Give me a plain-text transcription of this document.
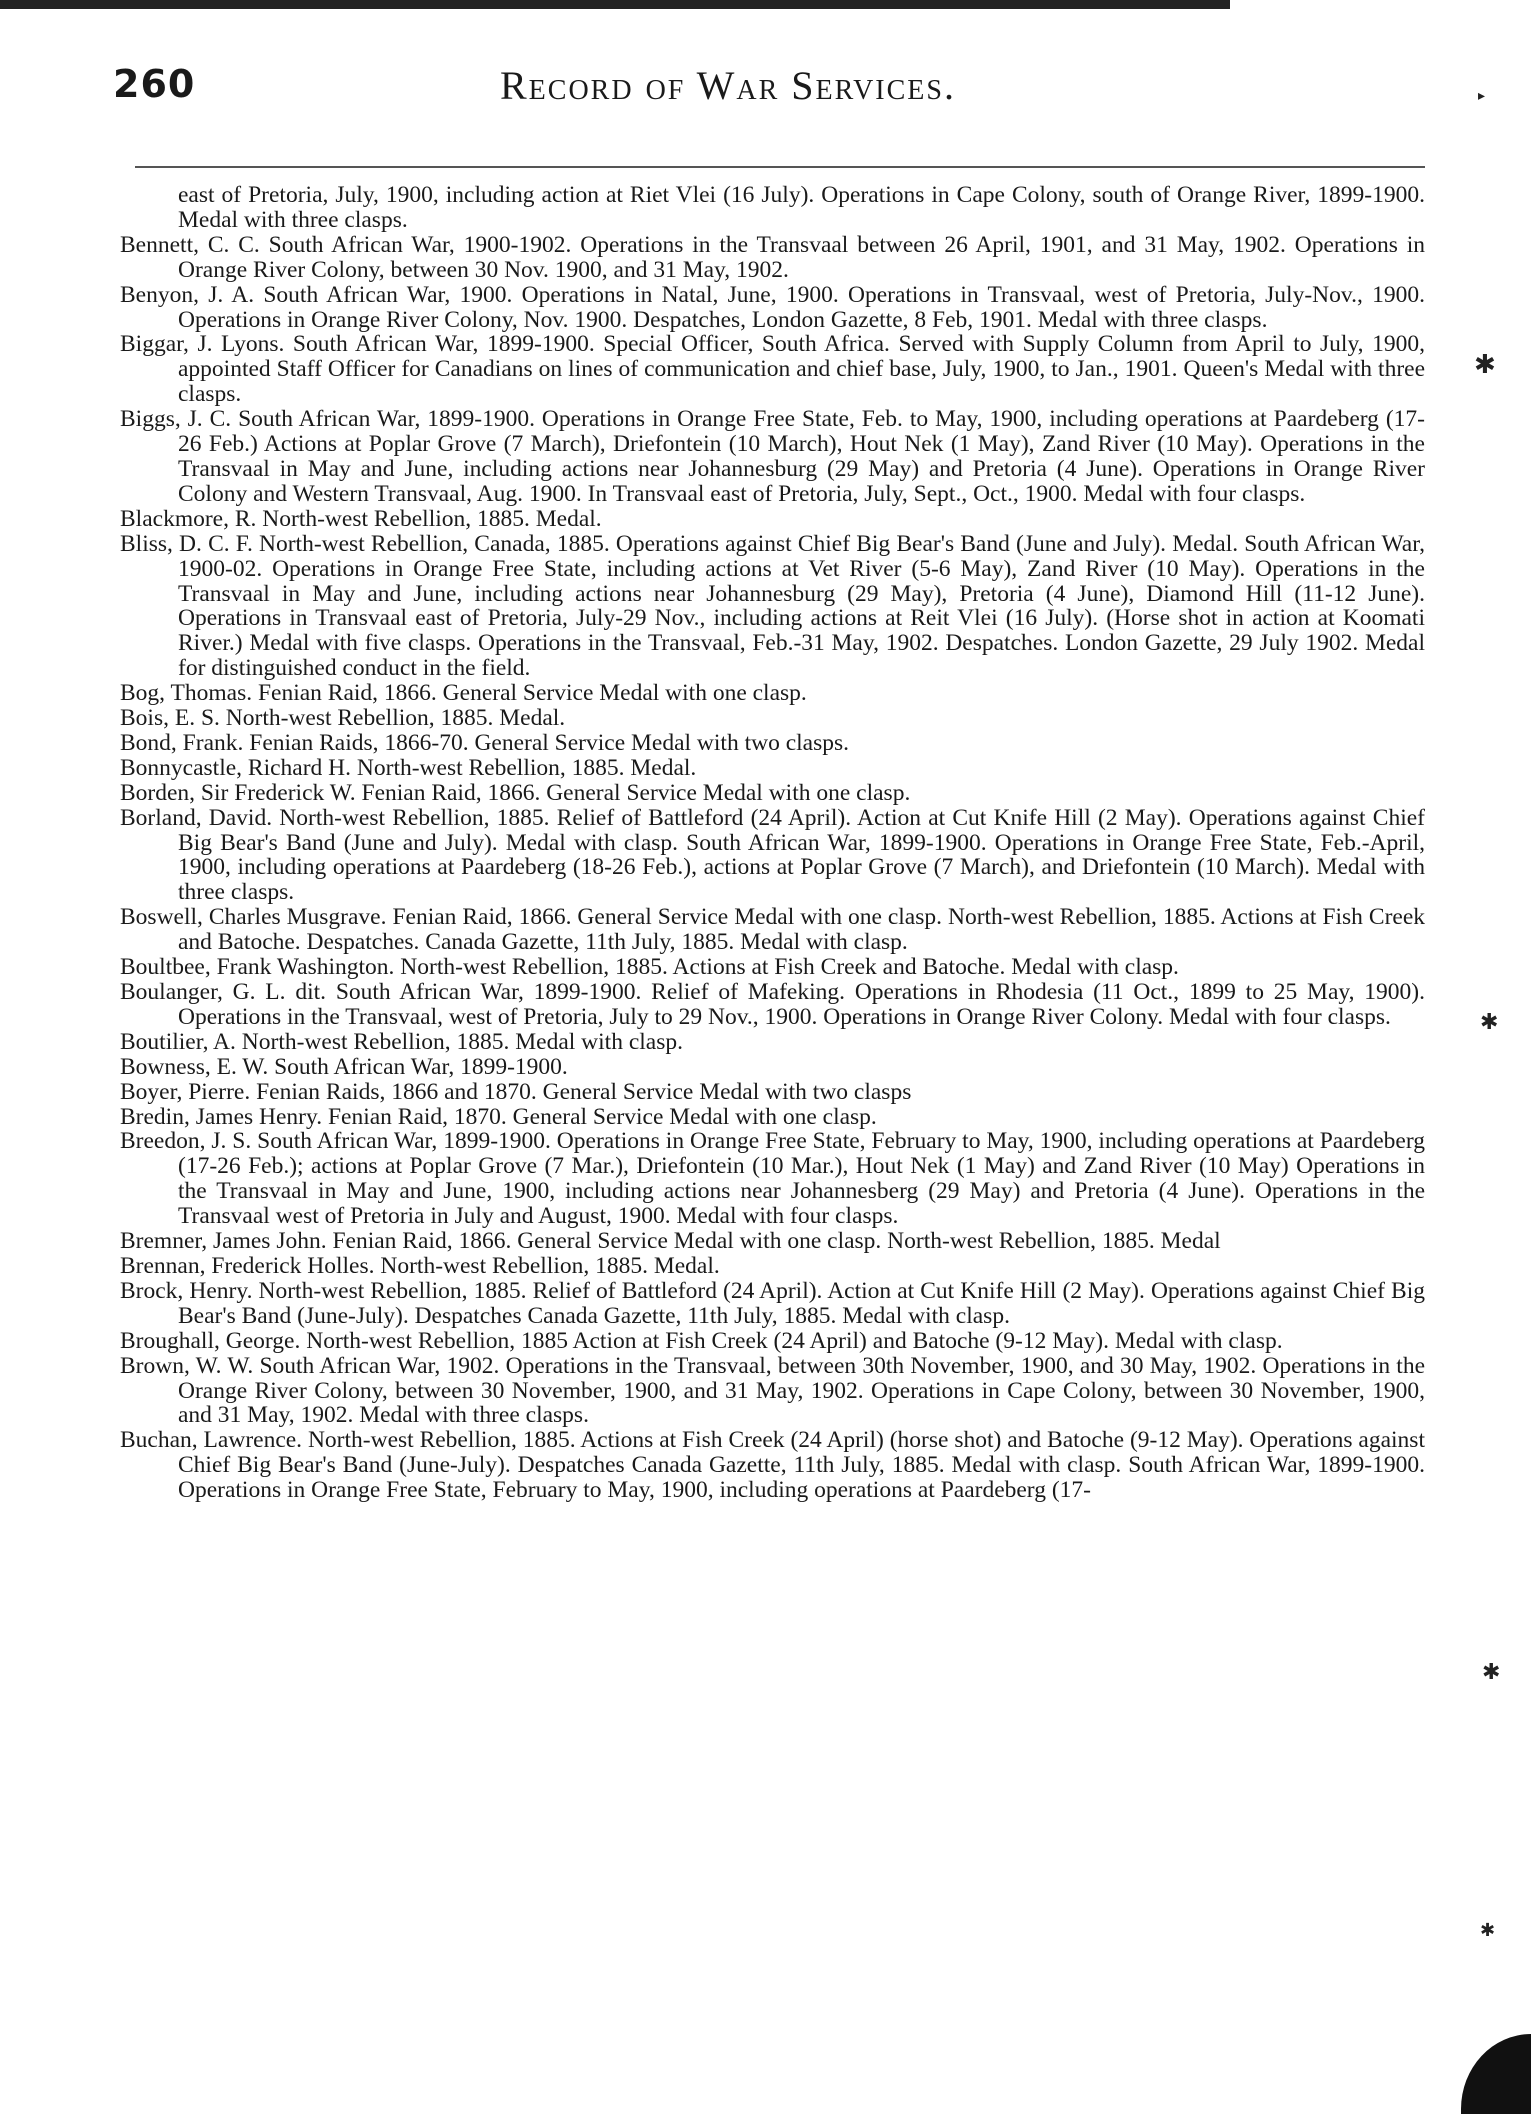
260	Record of War Services.
east of Pretoria, July, 1900, including action at Riet Vlei (16 July). Operations in Cape Colony, south of Orange River, 1899-1900. Medal with three clasps.
Bennett, C. C. South African War, 1900-1902. Operations in the Transvaal between 26 April, 1901, and 31 May, 1902. Operations in Orange River Colony, between 30 Nov. 1900, and 31 May, 1902.
Benyon, J. A. South African War, 1900. Operations in Natal, June, 1900. Operations in Transvaal, west of Pretoria, July-Nov., 1900. Operations in Orange River Colony, Nov. 1900. Despatches, London Gazette, 8 Feb, 1901. Medal with three clasps.
Biggar, J. Lyons. South African War, 1899-1900. Special Officer, South Africa. Served with Supply Column from April to July, 1900, appointed Staff Officer for Canadians on lines of communication and chief base, July, 1900, to Jan., 1901. Queen's Medal with three clasps.
Biggs, J. C. South African War, 1899-1900. Operations in Orange Free State, Feb. to May, 1900, including operations at Paardeberg (17-26 Feb.) Actions at Poplar Grove (7 March), Driefontein (10 March), Hout Nek (1 May), Zand River (10 May). Operations in the Transvaal in May and June, including actions near Johannesburg (29 May) and Pretoria (4 June). Operations in Orange River Colony and Western Transvaal, Aug. 1900. In Transvaal east of Pretoria, July, Sept., Oct., 1900. Medal with four clasps.
Blackmore, R. North-west Rebellion, 1885. Medal.
Bliss, D. C. F. North-west Rebellion, Canada, 1885. Operations against Chief Big Bear's Band (June and July). Medal. South African War, 1900-02. Operations in Orange Free State, including actions at Vet River (5-6 May), Zand River (10 May). Operations in the Transvaal in May and June, including actions near Johannesburg (29 May), Pretoria (4 June), Diamond Hill (11-12 June). Operations in Transvaal east of Pretoria, July-29 Nov., including actions at Reit Vlei (16 July). (Horse shot in action at Koomati River.) Medal with five clasps. Operations in the Transvaal, Feb.-31 May, 1902. Despatches. London Gazette, 29 July 1902. Medal for distinguished conduct in the field.
Bog, Thomas. Fenian Raid, 1866. General Service Medal with one clasp.
Bois, E. S. North-west Rebellion, 1885. Medal.
Bond, Frank. Fenian Raids, 1866-70. General Service Medal with two clasps.
Bonnycastle, Richard H. North-west Rebellion, 1885. Medal.
Borden, Sir Frederick W. Fenian Raid, 1866. General Service Medal with one clasp.
Borland, David. North-west Rebellion, 1885. Relief of Battleford (24 April). Action at Cut Knife Hill (2 May). Operations against Chief Big Bear's Band (June and July). Medal with clasp. South African War, 1899-1900. Operations in Orange Free State, Feb.-April, 1900, including operations at Paardeberg (18-26 Feb.), actions at Poplar Grove (7 March), and Driefontein (10 March). Medal with three clasps.
Boswell, Charles Musgrave. Fenian Raid, 1866. General Service Medal with one clasp. North-west Rebellion, 1885. Actions at Fish Creek and Batoche. Despatches. Canada Gazette, 11th July, 1885. Medal with clasp.
Boultbee, Frank Washington. North-west Rebellion, 1885. Actions at Fish Creek and Batoche. Medal with clasp.
Boulanger, G. L. dit. South African War, 1899-1900. Relief of Mafeking. Operations in Rhodesia (11 Oct., 1899 to 25 May, 1900). Operations in the Transvaal, west of Pretoria, July to 29 Nov., 1900. Operations in Orange River Colony. Medal with four clasps.
Boutilier, A. North-west Rebellion, 1885. Medal with clasp.
Bowness, E. W. South African War, 1899-1900.
Boyer, Pierre. Fenian Raids, 1866 and 1870. General Service Medal with two clasps
Bredin, James Henry. Fenian Raid, 1870. General Service Medal with one clasp.
Breedon, J. S. South African War, 1899-1900. Operations in Orange Free State, February to May, 1900, including operations at Paardeberg (17-26 Feb.); actions at Poplar Grove (7 Mar.), Driefontein (10 Mar.), Hout Nek (1 May) and Zand River (10 May) Operations in the Transvaal in May and June, 1900, including actions near Johannesberg (29 May) and Pretoria (4 June). Operations in the Transvaal west of Pretoria in July and August, 1900. Medal with four clasps.
Bremner, James John. Fenian Raid, 1866. General Service Medal with one clasp. North-west Rebellion, 1885. Medal
Brennan, Frederick Holles. North-west Rebellion, 1885. Medal.
Brock, Henry. North-west Rebellion, 1885. Relief of Battleford (24 April). Action at Cut Knife Hill (2 May). Operations against Chief Big Bear's Band (June-July). Despatches Canada Gazette, 11th July, 1885. Medal with clasp.
Broughall, George. North-west Rebellion, 1885 Action at Fish Creek (24 April) and Batoche (9-12 May). Medal with clasp.
Brown, W. W. South African War, 1902. Operations in the Transvaal, between 30th November, 1900, and 30 May, 1902. Operations in the Orange River Colony, between 30 November, 1900, and 31 May, 1902. Operations in Cape Colony, between 30 November, 1900, and 31 May, 1902. Medal with three clasps.
Buchan, Lawrence. North-west Rebellion, 1885. Actions at Fish Creek (24 April) (horse shot) and Batoche (9-12 May). Operations against Chief Big Bear's Band (June-July). Despatches Canada Gazette, 11th July, 1885. Medal with clasp. South African War, 1899-1900. Operations in Orange Free State, February to May, 1900, including operations at Paardeberg (17-
▸
✱
✱
✱
✱
